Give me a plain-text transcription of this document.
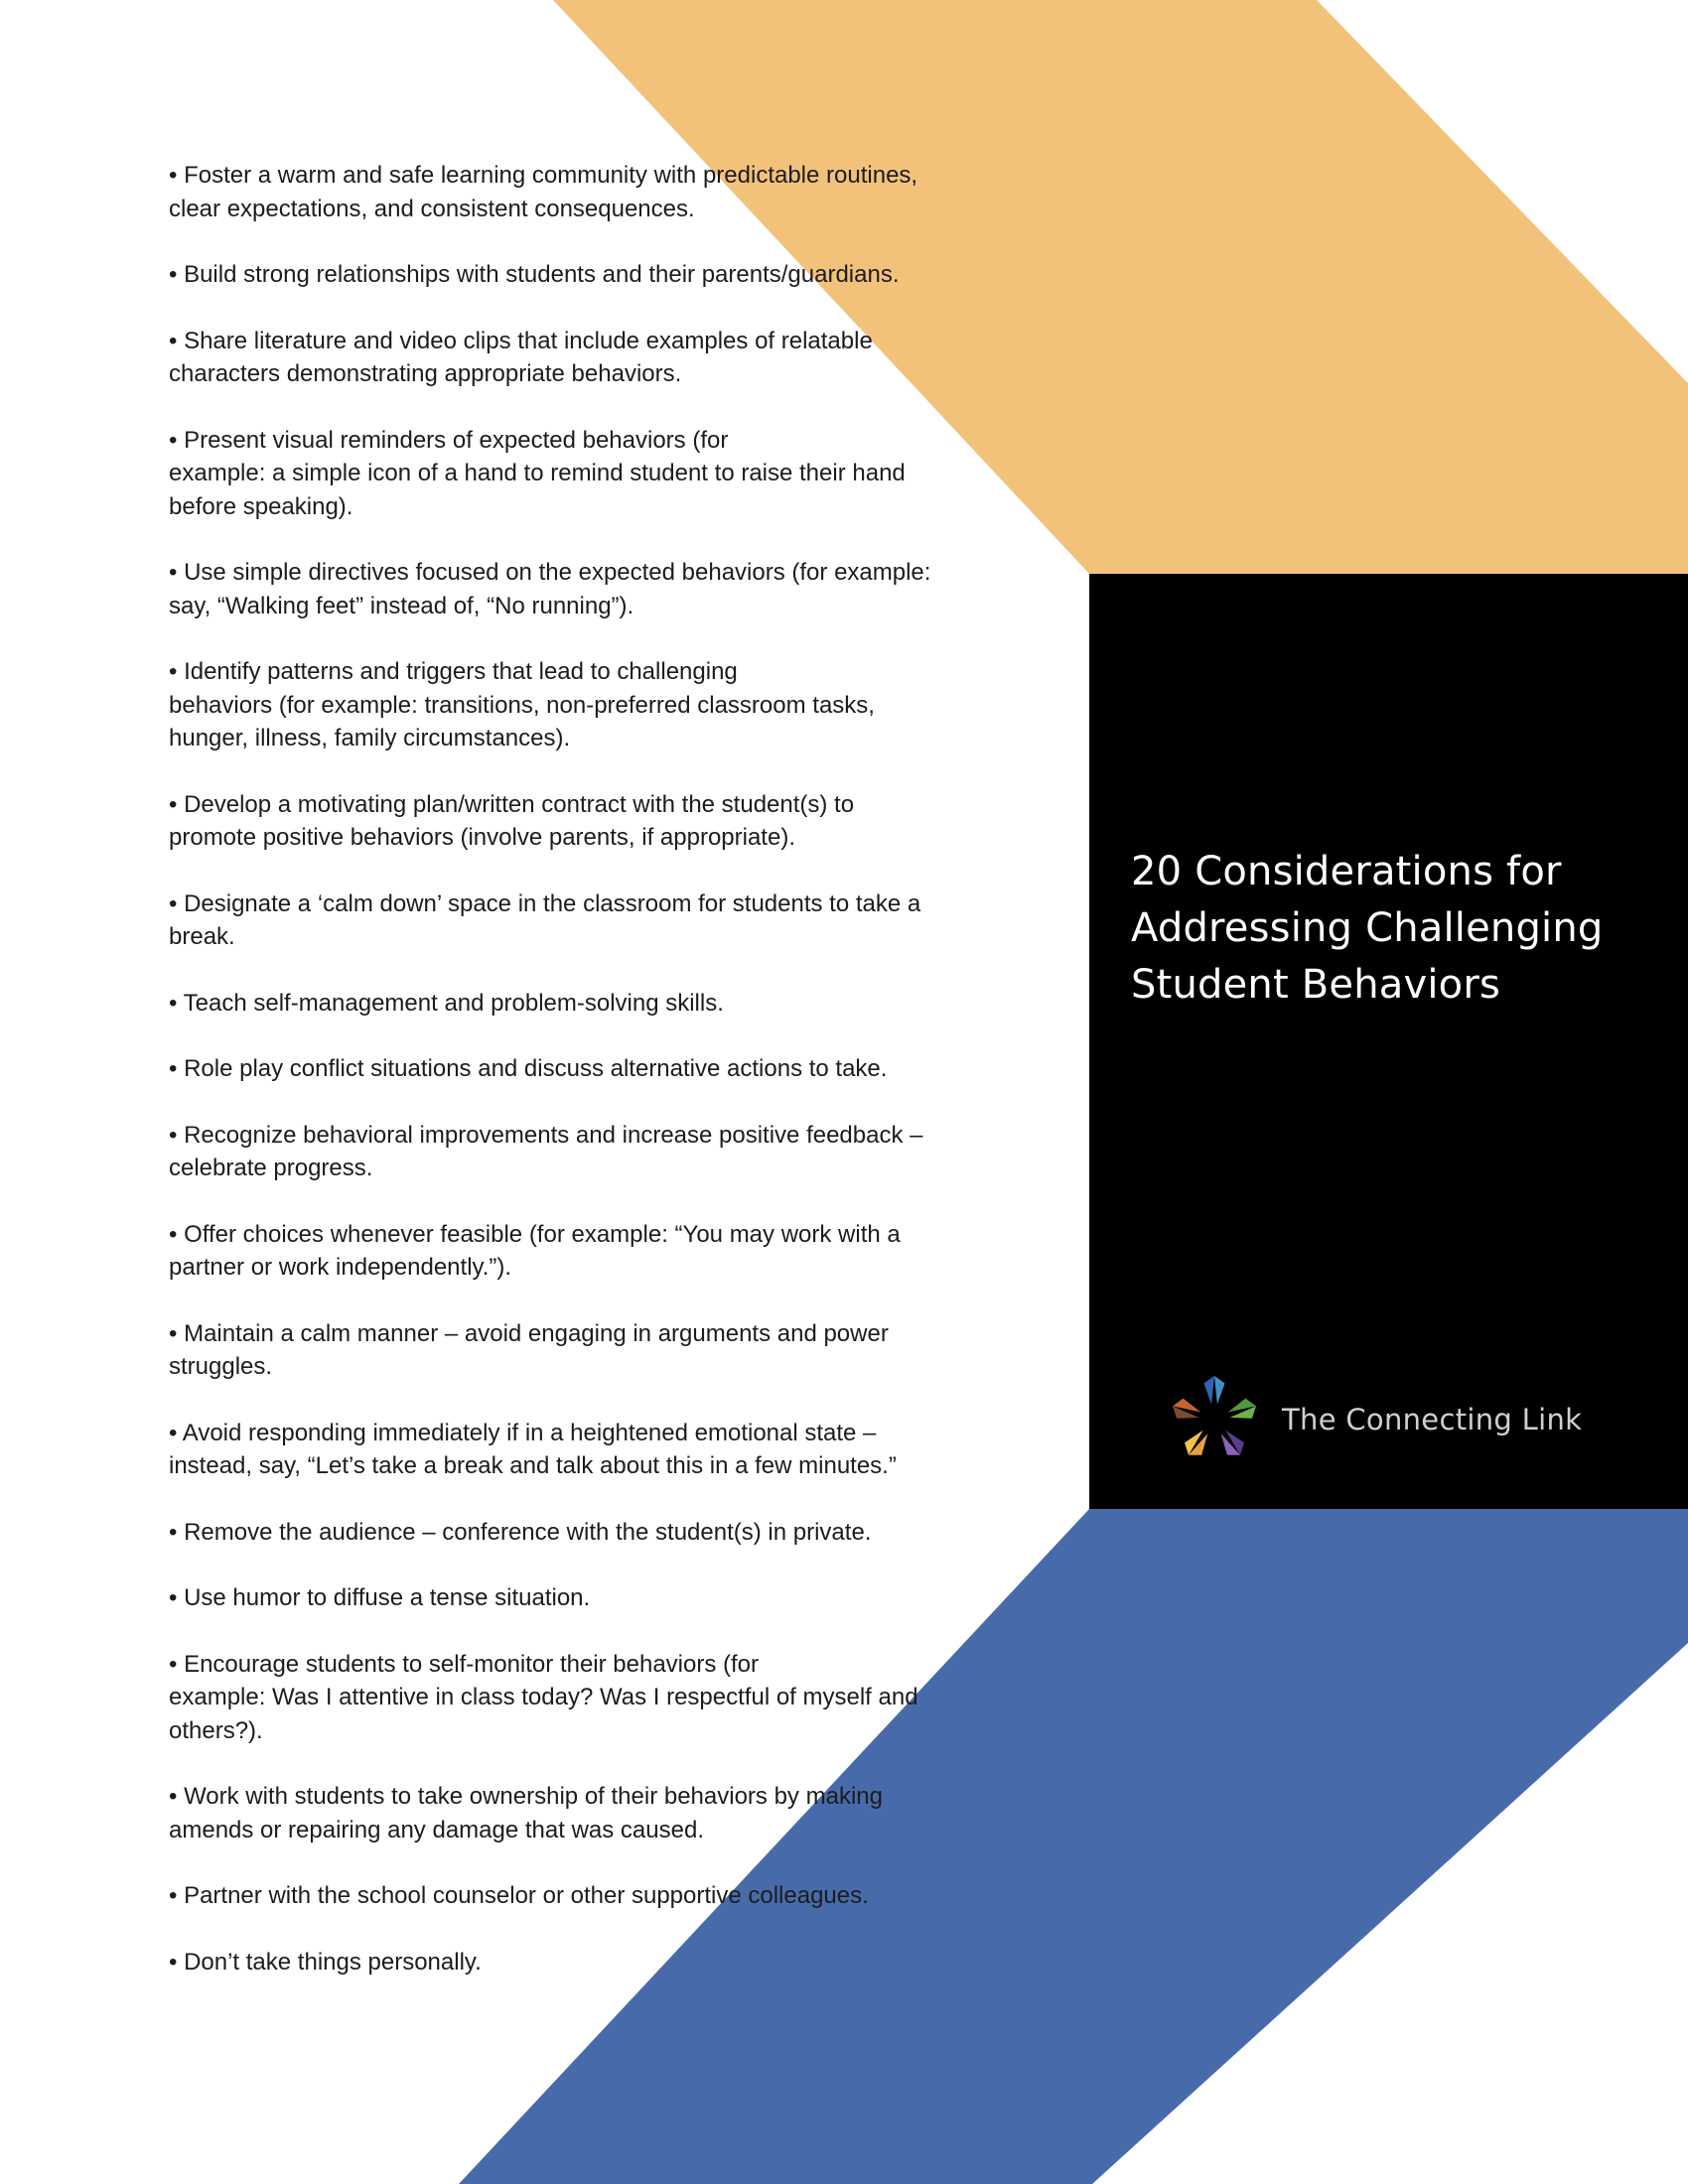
20 Considerations for
Addressing Challenging
Student Behaviors
The Connecting Link
• Foster a warm and safe learning community with predictable routines,
clear expectations, and consistent consequences.
• Build strong relationships with students and their parents/guardians.
• Share literature and video clips that include examples of relatable
characters demonstrating appropriate behaviors.
• Present visual reminders of expected behaviors (for
example: a simple icon of a hand to remind student to raise their hand
before speaking).
• Use simple directives focused on the expected behaviors (for example:
say, “Walking feet” instead of, “No running”).
• Identify patterns and triggers that lead to challenging
behaviors (for example: transitions, non-preferred classroom tasks,
hunger, illness, family circumstances).
• Develop a motivating plan/written contract with the student(s) to
promote positive behaviors (involve parents, if appropriate).
• Designate a ‘calm down’ space in the classroom for students to take a
break.
• Teach self-management and problem-solving skills.
• Role play conflict situations and discuss alternative actions to take.
• Recognize behavioral improvements and increase positive feedback –
celebrate progress.
• Offer choices whenever feasible (for example: “You may work with a
partner or work independently.”).
• Maintain a calm manner – avoid engaging in arguments and power
struggles.
• Avoid responding immediately if in a heightened emotional state –
instead, say, “Let’s take a break and talk about this in a few minutes.”
• Remove the audience – conference with the student(s) in private.
• Use humor to diffuse a tense situation.
• Encourage students to self-monitor their behaviors (for
example: Was I attentive in class today? Was I respectful of myself and
others?).
• Work with students to take ownership of their behaviors by making
amends or repairing any damage that was caused.
• Partner with the school counselor or other supportive colleagues.
• Don’t take things personally.
